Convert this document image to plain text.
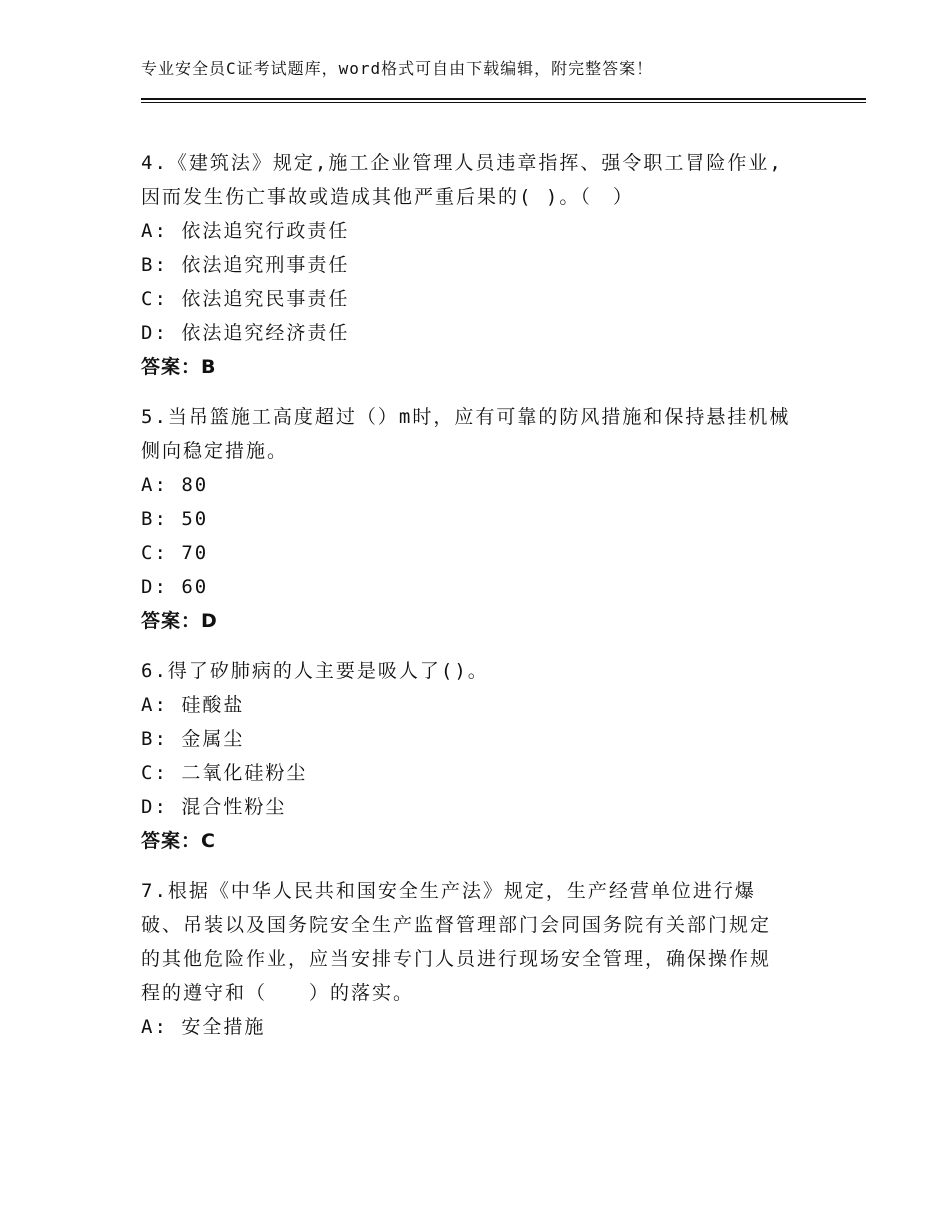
专业安全员C证考试题库，word格式可自由下载编辑，附完整答案！

4.《建筑法》规定,施工企业管理人员违章指挥、强令职工冒险作业,

因而发生伤亡事故或造成其他严重后果的( )。（　）

A: 依法追究行政责任

B: 依法追究刑事责任

C: 依法追究民事责任

D: 依法追究经济责任

答案：B

5.当吊篮施工高度超过（）m时，应有可靠的防风措施和保持悬挂机械

侧向稳定措施。

A: 80

B: 50

C: 70

D: 60

答案：D

6.得了矽肺病的人主要是吸人了()。

A: 硅酸盐

B: 金属尘

C: 二氧化硅粉尘

D: 混合性粉尘

答案：C

7.根据《中华人民共和国安全生产法》规定，生产经营单位进行爆

破、吊装以及国务院安全生产监督管理部门会同国务院有关部门规定

的其他危险作业，应当安排专门人员进行现场安全管理，确保操作规

程的遵守和（　　）的落实。

A: 安全措施
